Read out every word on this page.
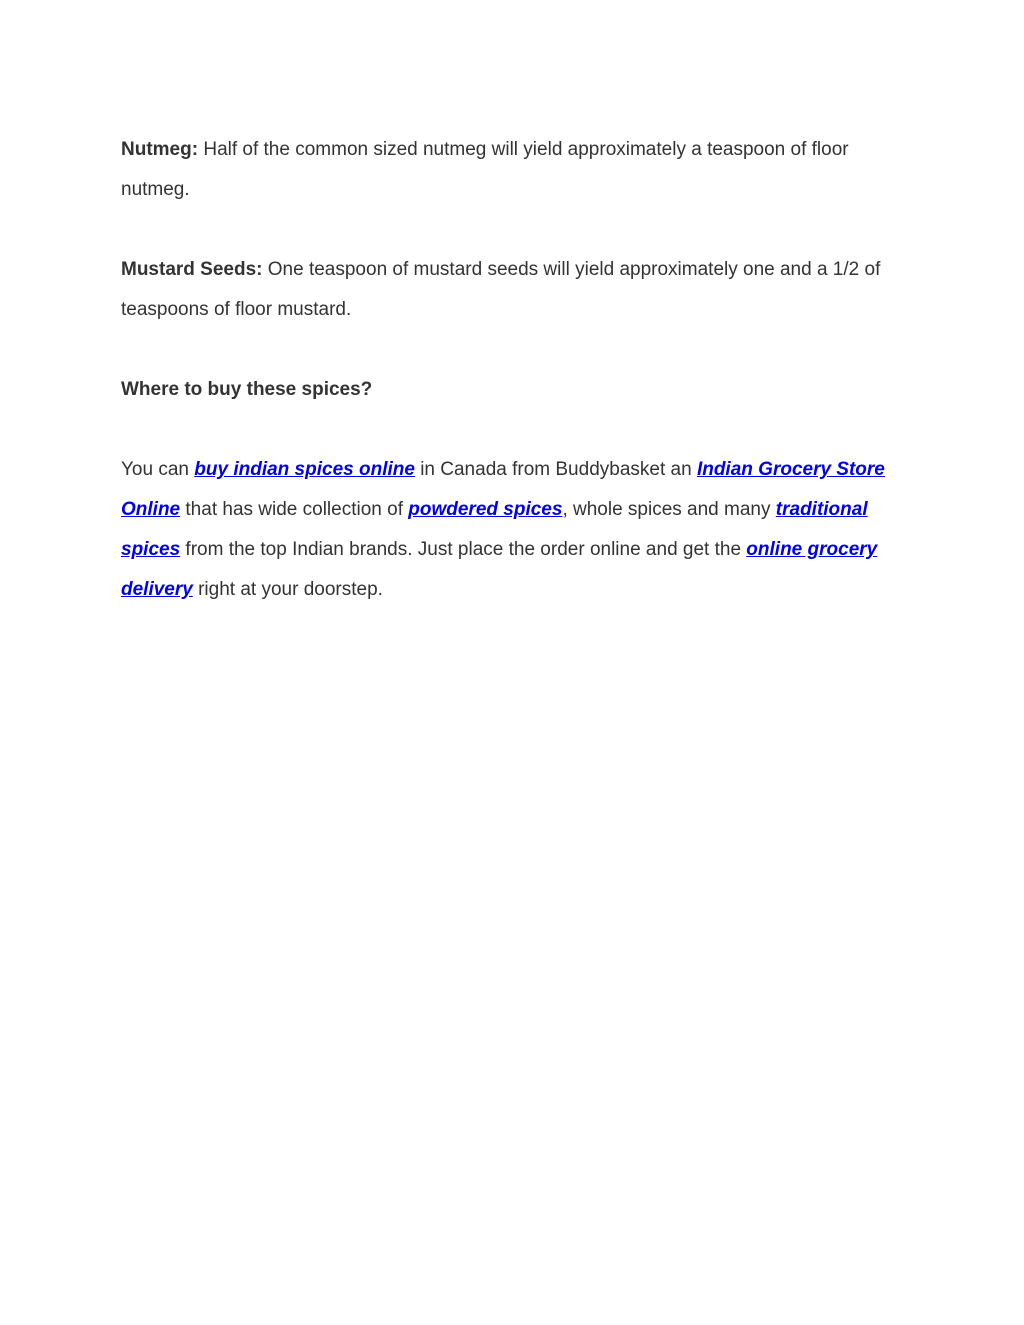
Nutmeg: Half of the common sized nutmeg will yield approximately a teaspoon of floor nutmeg.

Mustard Seeds: One teaspoon of mustard seeds will yield approximately one and a 1/2 of teaspoons of floor mustard.

Where to buy these spices?

You can buy indian spices online in Canada from Buddybasket an Indian Grocery Store Online that has wide collection of powdered spices, whole spices and many traditional spices from the top Indian brands. Just place the order online and get the online grocery delivery right at your doorstep.
